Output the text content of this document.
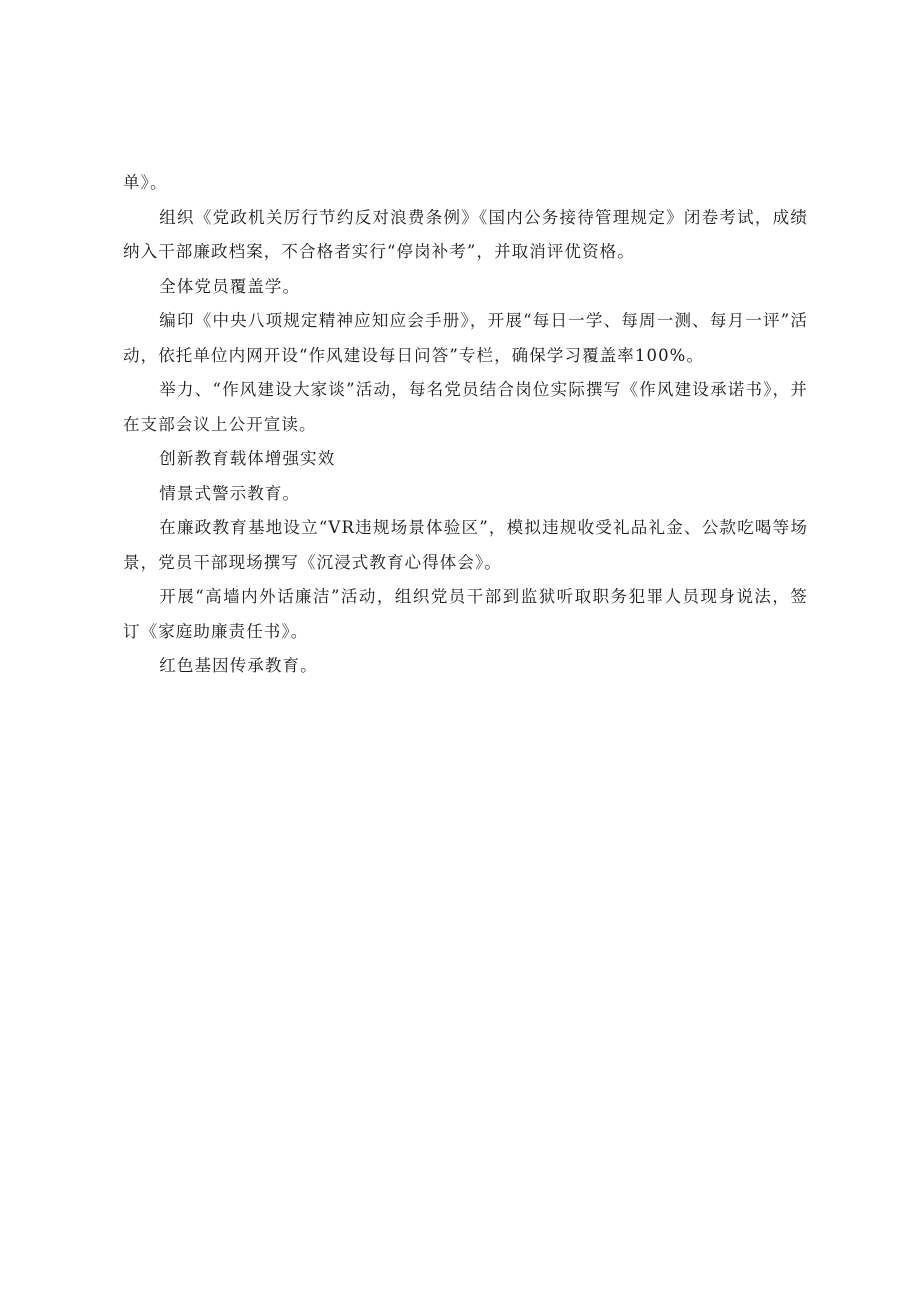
单》。

组织《党政机关厉行节约反对浪费条例》《国内公务接待管理规定》闭卷考试，成绩纳入干部廉政档案，不合格者实行“停岗补考”，并取消评优资格。

全体党员覆盖学。

编印《中央八项规定精神应知应会手册》，开展“每日一学、每周一测、每月一评”活动，依托单位内网开设“作风建设每日问答”专栏，确保学习覆盖率100%。

举力、“作风建设大家谈”活动，每名党员结合岗位实际撰写《作风建设承诺书》，并在支部会议上公开宣读。

创新教育载体增强实效

情景式警示教育。

在廉政教育基地设立“VR违规场景体验区”，模拟违规收受礼品礼金、公款吃喝等场景，党员干部现场撰写《沉浸式教育心得体会》。

开展“高墙内外话廉洁”活动，组织党员干部到监狱听取职务犯罪人员现身说法，签订《家庭助廉责任书》。

红色基因传承教育。
